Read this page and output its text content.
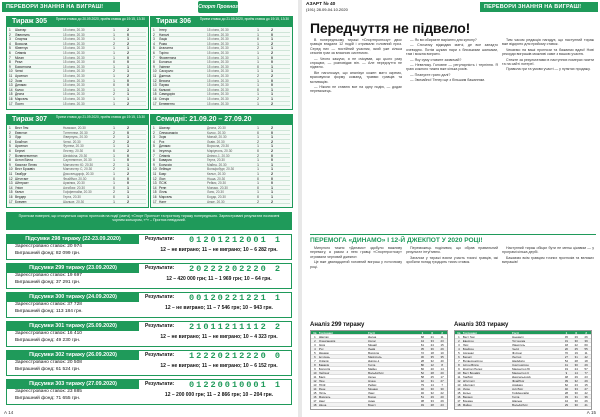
ПЕРЕВОРИ ЗНАННЯ НА ВИГРАШ!	Спорт Прогноз
Тираж 305	Прием ставок до 20.09.2020, приём ставок до 19:15, 13:30
1	Шахтар	15 січня, 20.30	1	2
2	Ліверпуль	15 січня, 20.30	1	0
3	Спартак	15 січня, 20.30	1	1
4	Ворскла	15 січня, 20.30	2	2
5	Ювентус	15 січня, 20.30	1	1
6	Олімпік	15 січня, 20.30	1	2
7	Мілан	15 січня, 20.30	1	0
8	Реал	15 січня, 20.30	X	0
9	Барселона	15 січня, 20.30	1	1
10 Челсі	15 січня, 20.30	2	1
11 Арсенал	15 січня, 20.30	1	2
12 Зоря	15 січня, 20.30	1	0
13 Динамо	15 січня, 20.30	X	0
14 Колос	15 січня, 20.30	1	1
15 Десна	15 січня, 20.30	2	1
16 Марсель	15 січня, 20.30	1	1
17 Порту	15 січня, 20.30	1	2
Тираж 306	Прием ставок до 21.09.2020, приём ставок до 19:15, 13:30
1	Інтер	15 січня, 20.30	1	2
2	Наполі	15 січня, 20.30	1	0
3	Лаціо	15 січня, 20.30	X	1
4	Рома	15 січня, 20.30	1	2
5	Аталанта	15 січня, 20.30	2	1
6	Торіно	15 січня, 20.30	1	2
7	Фіорентина	15 січня, 20.30	1	0
8	Болонья	15 січня, 20.30	1	0
9	Удінезе	15 січня, 20.30	X	1
10 Сассуоло	15 січня, 20.30	1	1
11 Дженоа	15 січня, 20.30	2	2
12 Верона	15 січня, 20.30	1	0
13 Парма	15 січня, 20.30	1	0
14 Кальярі	15 січня, 20.30	X	1
15 Сампдорія	15 січня, 20.30	1	1
16 Спеція	15 січня, 20.30	2	1
17 Беневенто	15 січня, 20.30	1	2
Тираж 307	Прием ставок до 21.09.2020, приём ставок до 19:15, 13:30
1	Вест Гем	Ньюкасл, 20.30	1	2
2	Евертон	Тоттенгем, 20.30	2	0
3	Лідс	Ліверпуль, 20.30	2	1
4	Брайтон	Челсі, 20.30	2	2
5	Арсенал	Фулгем, 20.30	1	1
6	Бернлі	Лестер, 20.30	X	2
7	Вулвергемптон	Шеффілд, 20.30	1	0
8	Астон Вілла	Саутгемптон, 20.30	1	0
9	Кристал Пелес	Манчестер Ю, 20.30	2	1
10 Вест Бромвіч	Манчестер С, 20.30	2	1
11 Гамбург	Дюссельдорф, 20.30	1	2
12 Штутгарт	Фрайбург, 20.30	X	0
13 Айнтрахт	Арміния, 20.30	1	0
14 Уніон	Аугсбург, 20.30	X	1
15 Кельн	Гоффенгайм, 20.30	2	1
16 Вердер	Герта, 20.30	X	1
17 Бремен	Шальке, 20.30	1	2
Семидні: 21.09.20 – 27.09.20
1	Шахтар	Десна, 20.30	1	2
2	Олександрія	Колос, 20.30	X	0
3	Зоря	Минай, 20.30	1	1
4	Рух	Львів, 20.30	2	2
5	Динамо	Ворскла, 20.30	1	1
6	Інгулець	Маріуполь, 20.30	X	2
7	Олімпік	Дніпро-1, 20.30	2	0
8	Бавария	Герта, 20.30	1	0
9	Боруссія	Майнц, 20.30	1	1
10 Лейпциг	Вольфсбург, 20.30	1	1
11 Баєр	Кельн, 20.30	1	2
12 Ліон	Ніцца, 20.30	X	0
13 ПСЖ	Реймс, 20.30	1	0
14 Ренн	Монако, 20.30	X	1
15 Лілль	Ланс, 20.30	1	1
16 Марсель	Бордо, 20.30	X	1
17 Нант	Анже, 20.30	2	2
Прогнози поверхні, що стосуються карток прогнозів на події (матчі) «Спорт Прогноз» та прогнозу тиражу попереднього. Зареєстровані результати позначені чорним кольором, «*» – Прогноз невідомий.
Підсумки 298 тиражу (22-23.09.2020)
Зареєстровано ставок: 20 974
Виграшний фонд: 82 099 грн.
Результати: 01201212001 1
12 – не виграно; 11 – не виграно; 10 – 6 282 грн.
Підсумки 299 тиражу (23.09.2020)
Зареєстровано ставок: 19 697
Виграшний фонд: 37 291 грн.
Результати: 20222202220 2
12 – 420 000 грн; 11 – 1 969 грн; 10 – 64 грн.
Підсумки 300 тиражу (24.09.2020)
Зареєстровано ставок: 37 728
Виграшний фонд: 113 184 грн.
Результати: 00120221221 1
12 – не виграно; 11 – 7 546 грн; 10 – 943 грн.
Підсумки 301 тиражу (25.09.2020)
Зареєстровано ставок: 16 410
Виграшний фонд: 49 230 грн.
Результати: 21011211112 2
12 – не виграно; 11 – не виграно; 10 – 4 323 грн.
Підсумки 302 тиражу (26.09.2020)
Зареєстровано ставок: 20 508
Виграшний фонд: 61 524 грн.
Результати: 12220212220 0
12 – не виграно; 11 – не виграно; 10 – 6 152 грн.
Підсумки 303 тиражу (27.09.2020)
Зареєстровано ставок: 23 885
Виграшний фонд: 71 655 грн.
Результати: 01220010001 1
12 – 200 000 грн; 11 – 2 866 грн; 10 – 204 грн.
А 14
АЗАРТ № 40
(191) 28.09-04.10.2020	ПЕРЕВОРИ ЗНАННЯ НА ВИГРАШ!
Передчуття не підвело!

В попередньому тиражі «Спортпрогнозу» двоє гравців вгадали 12 подій і отримали головний приз. Серед них — постійний учасник, який уже кілька сезонів грає за власною системою.

— Чесно кажучи, я не очікував, що цього разу спрацює, — розповідає він. — Але передчуття не підвело.

Він наголошує, що аналізує кожен матч окремо, враховуючи форму команд, травми гравців та мотивацію.

— Ніколи не ставлю все на одну подію, — додає переможець.

— Як ви обираєте варіанти для купону?

— Спочатку відкидаю матчі, де все занадто очевидно. Потім шукаю пари з близькими шансами, там і можна виграти.

— Яку суму ставите зазвичай?

— Невелику. Головне — регулярність і терпіння. Я граю кожного тижня вже кілька років.

— Плануєте грати далі?

— Звичайно! Тепер ще з більшим бажанням.

Тим часом редакція нагадує, що наступний тираж вже відкрито для прийому ставок.

Чекаємо на ваші прогнози та бажаємо вдачі! Нові рекорди виграшів можливі саме з вашою участю.

Стежте за результатами в наступних номерах газети та на сайті лотереї.

Правила гри та умови участі — у пунктах продажу.

ПЕРЕМОГА «ДИНАМО» І 12-Й ДЖЕКПОТ У 2020 РОЦІ!

Минулого тижня «Динамо» здобуло важливу перемогу, а разом з нею гравці «Спортпрогнозу» отримали черговий джекпот.

Це вже дванадцятий головний виграш у поточному році.

Переможець поділився, що обрав правильний результат інтуїтивно.

Загалом у тиражі взяли участь тисячі гравців, які зробили понад тридцять тисяч ставок.

Наступний тираж обіцяє бути не менш цікавим — у програмі кілька дербі.

Бажаємо всім гравцям точних прогнозів та великих виграшів!

Аналіз 299 тиражу
№ Господарі	Гості	1	X	2
1	Шахтар	Десна	68	21	11
2	Олександрія	Колос	44	33	23
3	Зоря	Минай	61	24	15
4	Рух	Львів	35	36	29
5	Динамо	Ворскла	72	18	10
6	Інгулець	Маріуполь	30	35	35
7	Олімпік	Дніпро-1	28	32	40
8	Баварія	Герта	80	12	8
9	Боруссія	Майнц	66	20	14
10 Лейпциг	Вольфсбург	52	28	20
11 Баєр	Кельн	58	25	17
12 Ліон	Ніцца	42	31	27
13 ПСЖ	Реймс	79	14	7
14 Ренн	Монако	40	30	30
15 Лілль	Ланс	46	32	22
16 Марсель	Бордо	51	29	20
17 Нант	Анже	38	33	29
18 Ніцца	Брест	49	28	23
Аналіз 303 тиражу
№ Господарі	Гості	1	X	2
1	Вест Гем	Ньюкасл	45	29	26
2	Евертон	Тоттенгем	31	30	39
3	Лідс	Ліверпуль	18	22	60
4	Брайтон	Челсі	20	25	55
5	Арсенал	Фулгем	70	19	11
6	Бернлі	Лестер	27	31	42
7	Вулвергемптон	Шеффілд	54	28	18
8	Астон Вілла	Саутгемптон	41	30	29
9	Кристал Пелес	Манчестер Ю	19	24	57
10 Вест Бромвіч	Манчестер С	9	14	77
11 Гамбург	Дюссельдорф	48	29	23
12 Штутгарт	Фрайбург	39	32	29
13 Айнтрахт	Арміния	62	23	15
14 Уніон	Аугсбург	40	33	27
15 Кельн	Гоффенгайм	28	30	42
16 Вердер	Герта	33	31	36
17 Бремен	Шальке	44	30	26
18 Майнц	Вольфсбург	29	30	41
А 15
